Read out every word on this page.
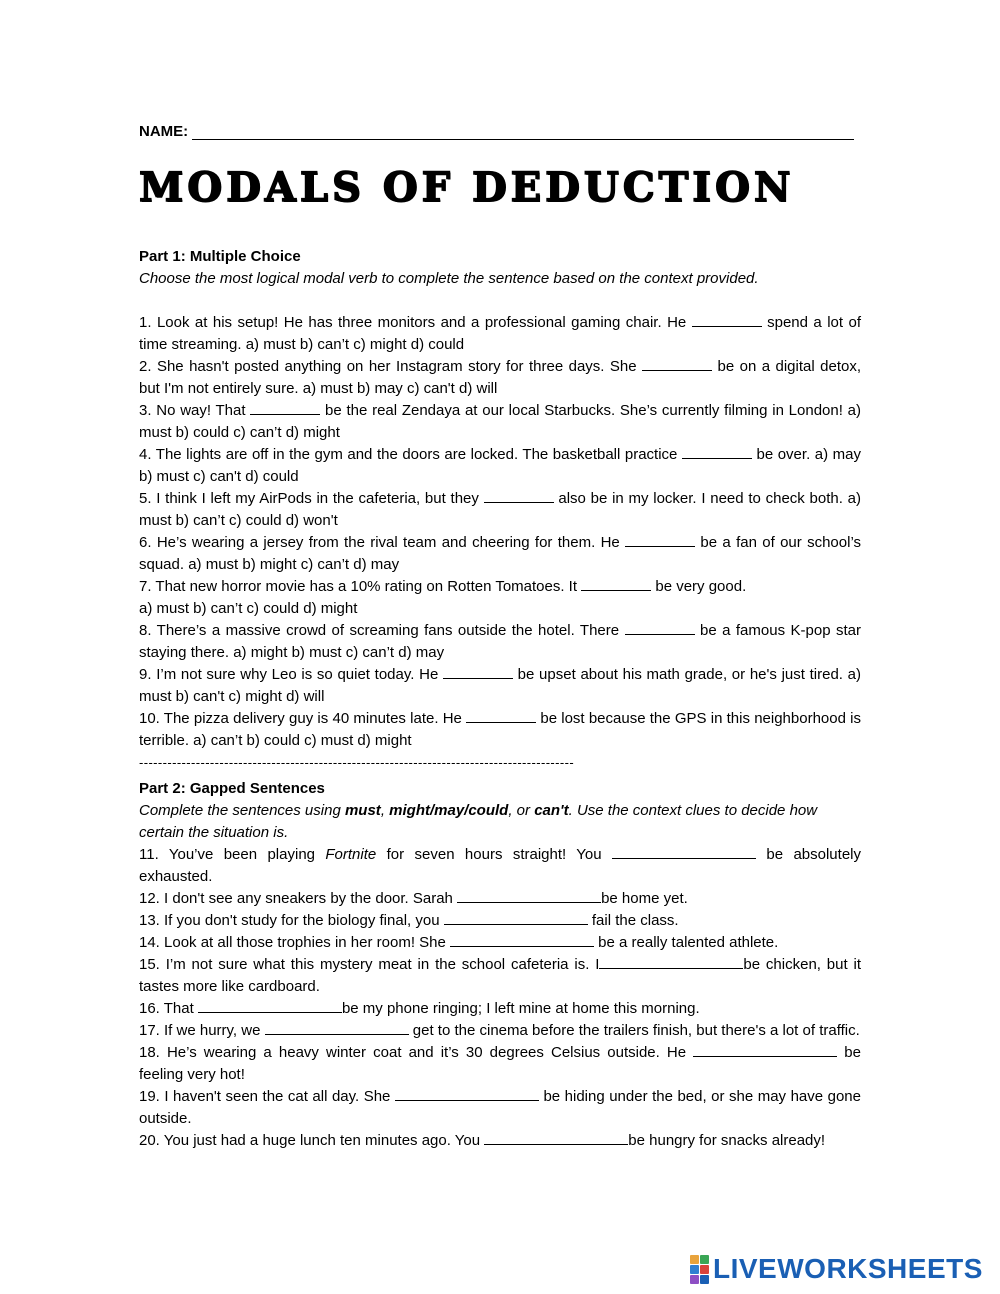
NAME:
MODALS OF DEDUCTION
Part 1: Multiple Choice
Choose the most logical modal verb to complete the sentence based on the context provided.
1. Look at his setup! He has three monitors and a professional gaming chair. He	spend a lot of time streaming. a) must b) can’t c) might d) could
2. She hasn't posted anything on her Instagram story for three days. She	be on a digital detox, but I'm not entirely sure. a) must b) may c) can't d) will
3. No way! That	be the real Zendaya at our local Starbucks. She’s currently filming in London! a) must b) could c) can’t d) might
4. The lights are off in the gym and the doors are locked. The basketball practice	be over. a) may b) must c) can't d) could
5. I think I left my AirPods in the cafeteria, but they	also be in my locker. I need to check both. a) must b) can’t c) could d) won't
6. He’s wearing a jersey from the rival team and cheering for them. He	be a fan of our school’s squad. a) must b) might c) can’t d) may
7. That new horror movie has a 10% rating on Rotten Tomatoes. It	be very good.
a) must b) can’t c) could d) might
8. There’s a massive crowd of screaming fans outside the hotel. There	be a famous K-pop star staying there. a) might b) must c) can’t d) may
9. I’m not sure why Leo is so quiet today. He	be upset about his math grade, or he's just tired. a) must b) can't c) might d) will
10. The pizza delivery guy is 40 minutes late. He	be lost because the GPS in this neighborhood is terrible. a) can’t b) could c) must d) might
--------------------------------------------------------------------------------------------
Part 2: Gapped Sentences
Complete the sentences using must, might/may/could, or can't. Use the context clues to decide how certain the situation is.
11. You’ve been playing Fortnite for seven hours straight! You	be absolutely exhausted.
12. I don't see any sneakers by the door. Sarah	be home yet.
13. If you don't study for the biology final, you	fail the class.
14. Look at all those trophies in her room! She	be a really talented athlete.
15. I’m not sure what this mystery meat in the school cafeteria is. I	be chicken, but it tastes more like cardboard.
16. That	be my phone ringing; I left mine at home this morning.
17. If we hurry, we	get to the cinema before the trailers finish, but there's a lot of traffic.
18. He’s wearing a heavy winter coat and it’s 30 degrees Celsius outside. He	be feeling very hot!
19. I haven't seen the cat all day. She	be hiding under the bed, or she may have gone outside.
20. You just had a huge lunch ten minutes ago. You	be hungry for snacks already!
LIVEWORKSHEETS
